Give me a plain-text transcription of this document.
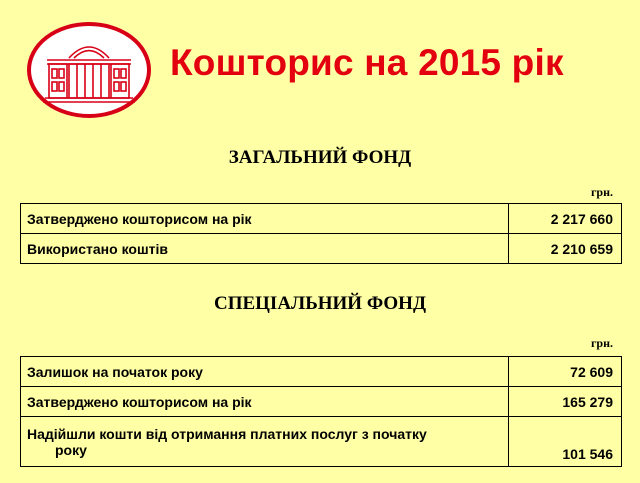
Кошторис на 2015 рік
ЗАГАЛЬНИЙ ФОНД
грн.
Затверджено кошторисом на рік	2 217 660
Використано коштів	2 210 659
СПЕЦІАЛЬНИЙ ФОНД
грн.
Залишок на початок року	72 609
Затверджено кошторисом на рік	165 279
Надійшли кошти від отримання платних послуг з початку
року	101 546
